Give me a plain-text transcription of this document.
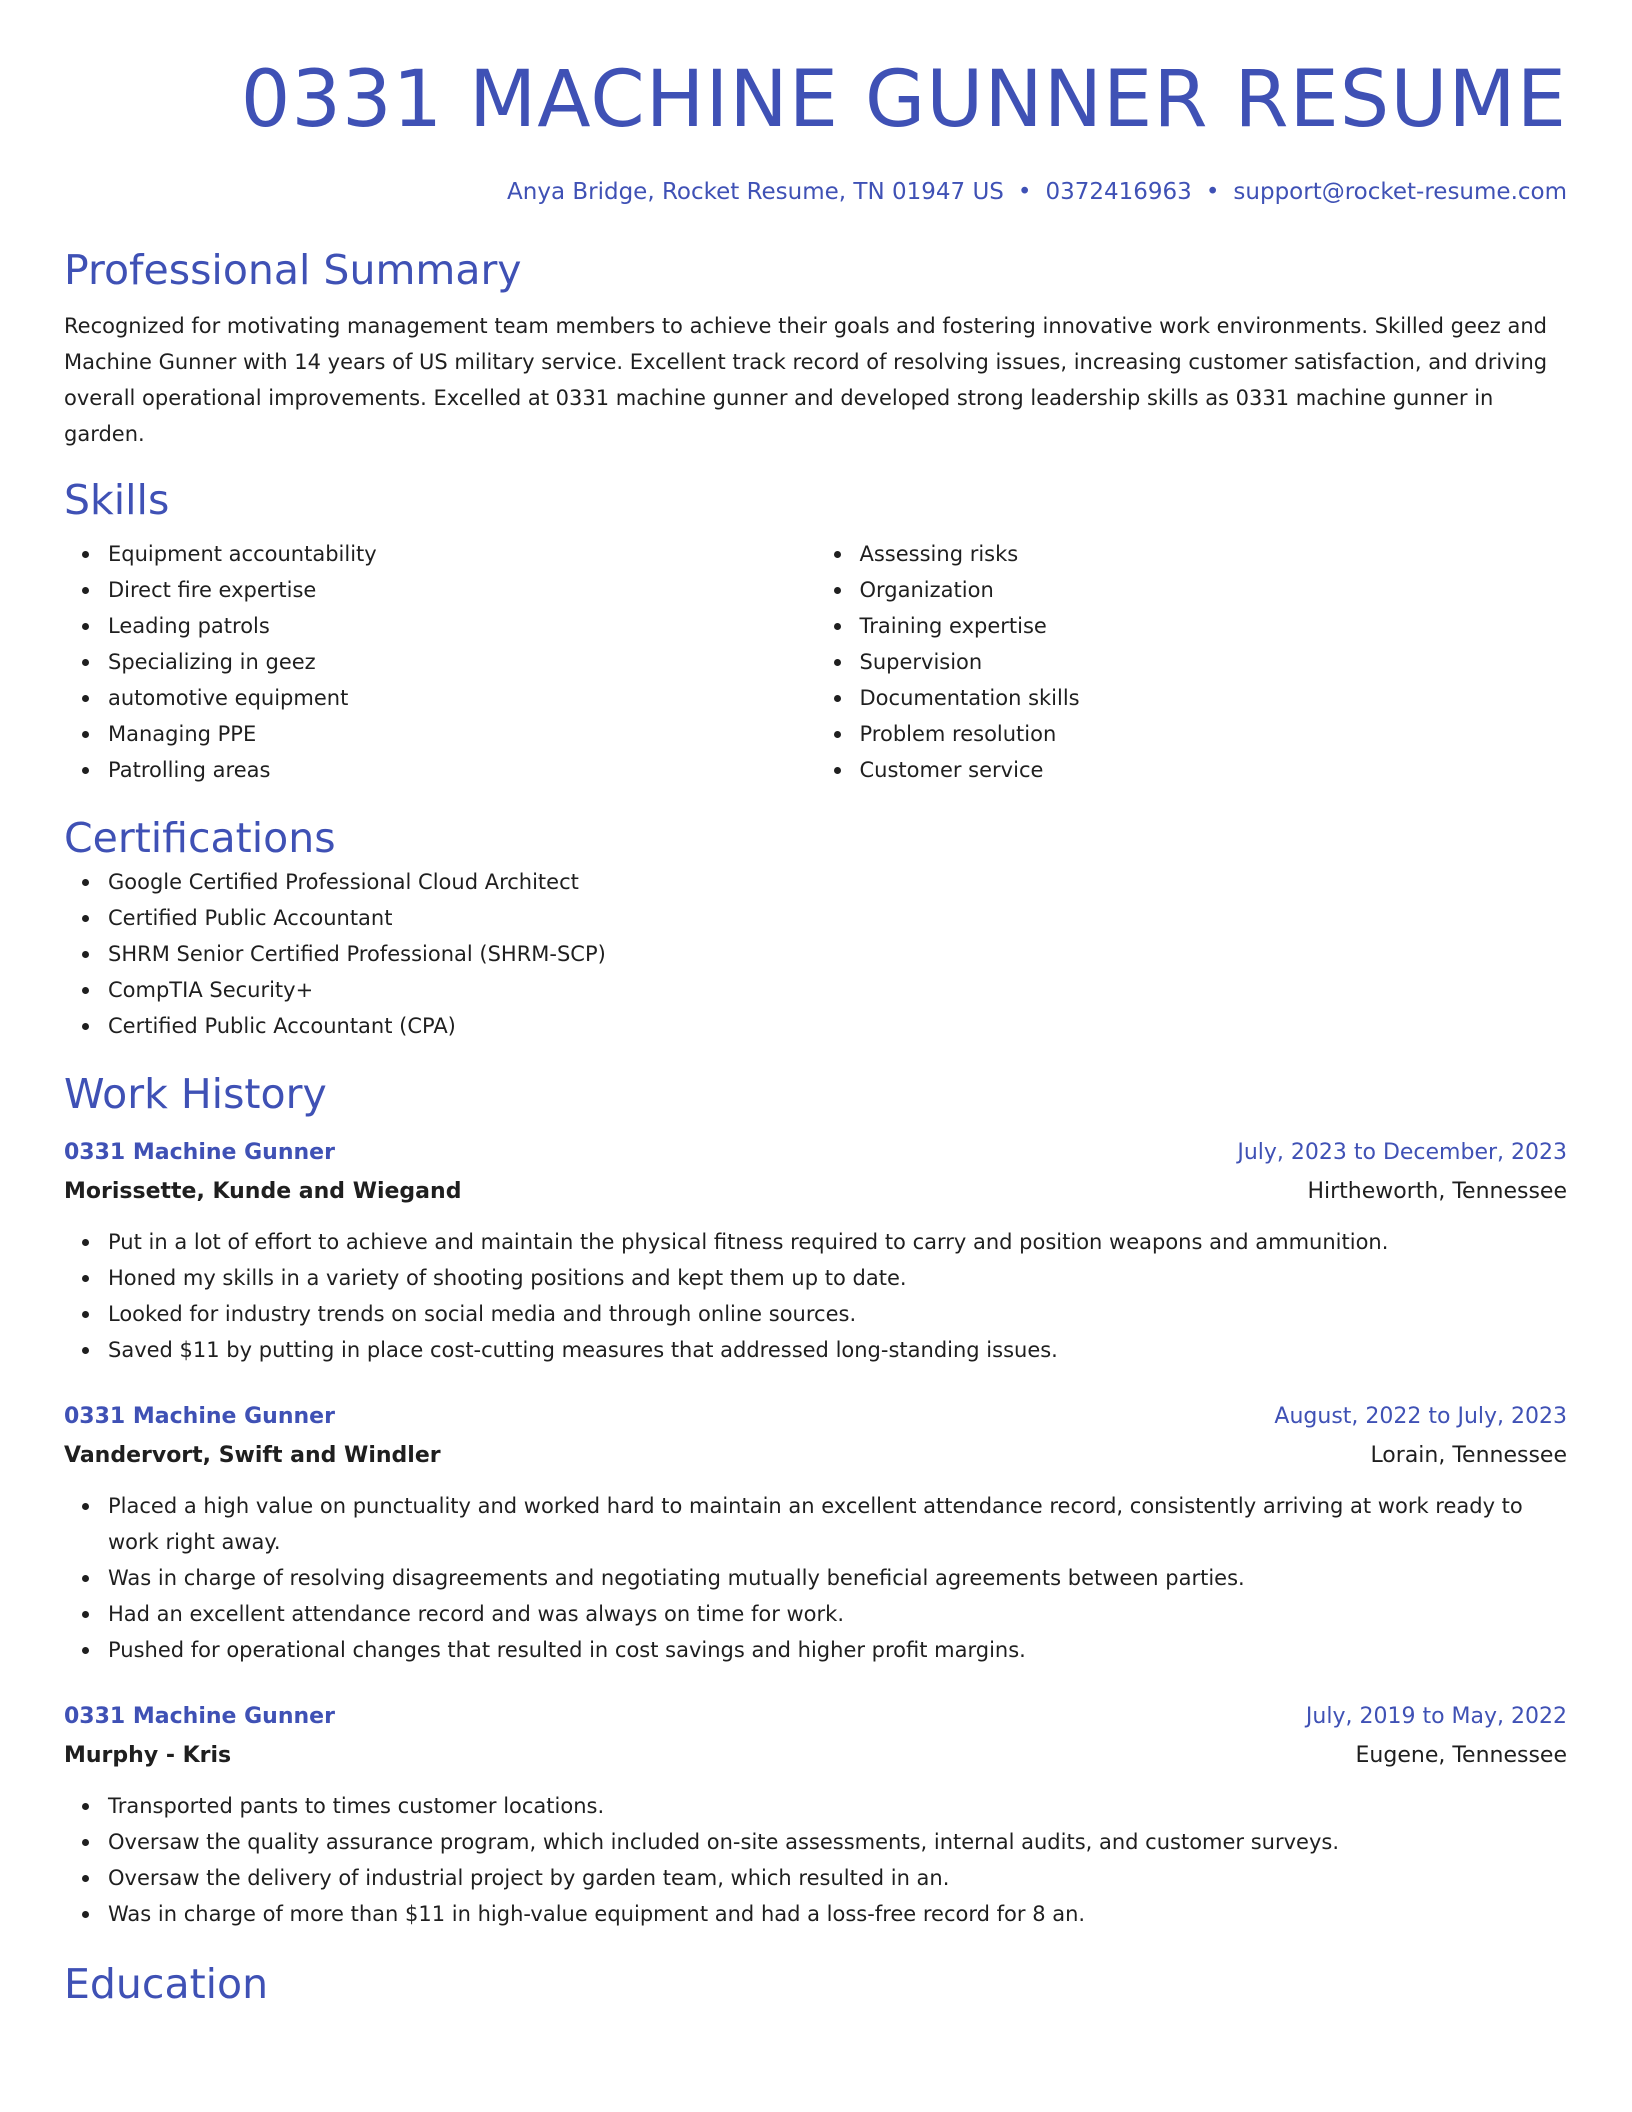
0331 MACHINE GUNNER RESUME
Anya Bridge, Rocket Resume, TN 01947 US • 0372416963 • support@rocket-resume.com
Professional Summary
Recognized for motivating management team members to achieve their goals and fostering innovative work environments. Skilled geez and Machine Gunner with 14 years of US military service. Excellent track record of resolving issues, increasing customer satisfaction, and driving overall operational improvements. Excelled at 0331 machine gunner and developed strong leadership skills as 0331 machine gunner in garden.
Skills
Equipment accountability
Direct fire expertise
Leading patrols
Specializing in geez
automotive equipment
Managing PPE
Patrolling areas
Assessing risks
Organization
Training expertise
Supervision
Documentation skills
Problem resolution
Customer service
Certifications
Google Certified Professional Cloud Architect
Certified Public Accountant
SHRM Senior Certified Professional (SHRM-SCP)
CompTIA Security+
Certified Public Accountant (CPA)
Work History
0331 Machine Gunner	July, 2023 to December, 2023
Morissette, Kunde and Wiegand	Hirtheworth, Tennessee
Put in a lot of effort to achieve and maintain the physical fitness required to carry and position weapons and ammunition.
Honed my skills in a variety of shooting positions and kept them up to date.
Looked for industry trends on social media and through online sources.
Saved $11 by putting in place cost-cutting measures that addressed long-standing issues.
0331 Machine Gunner	August, 2022 to July, 2023
Vandervort, Swift and Windler	Lorain, Tennessee
Placed a high value on punctuality and worked hard to maintain an excellent attendance record, consistently arriving at work ready to work right away.
Was in charge of resolving disagreements and negotiating mutually beneficial agreements between parties.
Had an excellent attendance record and was always on time for work.
Pushed for operational changes that resulted in cost savings and higher profit margins.
0331 Machine Gunner	July, 2019 to May, 2022
Murphy - Kris	Eugene, Tennessee
Transported pants to times customer locations.
Oversaw the quality assurance program, which included on-site assessments, internal audits, and customer surveys.
Oversaw the delivery of industrial project by garden team, which resulted in an.
Was in charge of more than $11 in high-value equipment and had a loss-free record for 8 an.
Education
